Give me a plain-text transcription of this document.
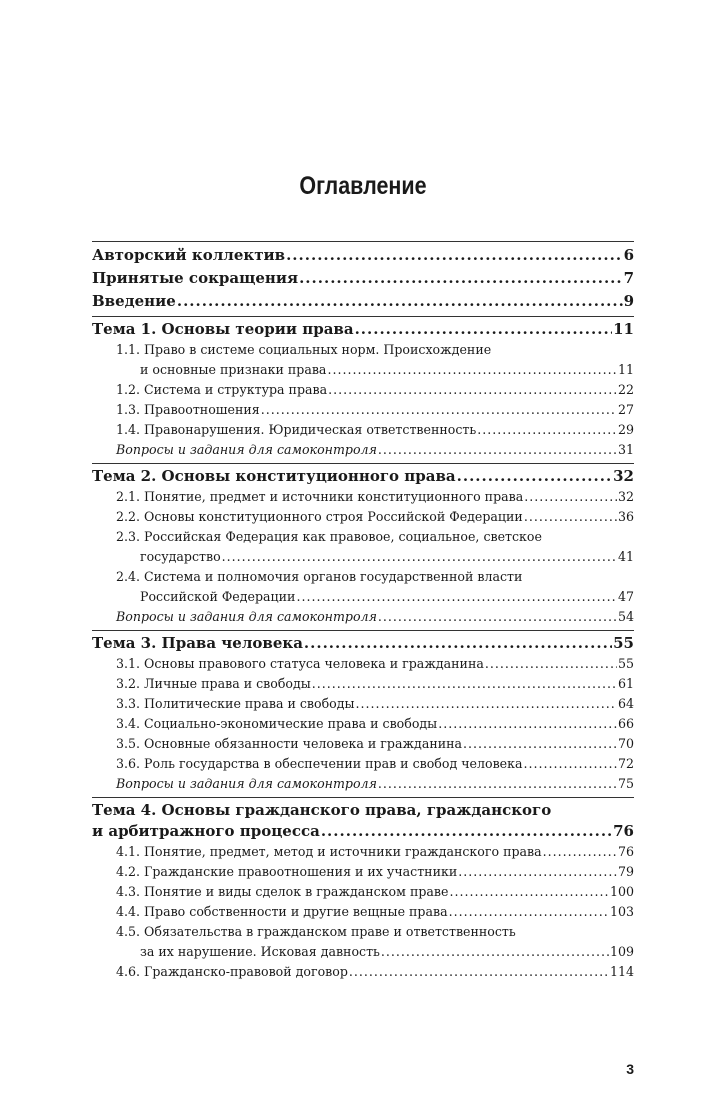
Оглавление
Авторский коллектив .....	6
Принятые сокращения .....	7
Введение .....	9
Тема 1. Основы теории права .....	11
1.1. Право в системе социальных норм. Происхождение
и основные признаки права .....	11
1.2. Система и структура права .....	22
1.3. Правоотношения .....	27
1.4. Правонарушения. Юридическая ответственность .....	29
Вопросы и задания для самоконтроля .....	31
Тема 2. Основы конституционного права .....	32
2.1. Понятие, предмет и источники конституционного права .....	32
2.2. Основы конституционного строя Российской Федерации .....	36
2.3. Российская Федерация как правовое, социальное, светское
государство .....	41
2.4. Система и полномочия органов государственной власти
Российской Федерации .....	47
Вопросы и задания для самоконтроля .....	54
Тема 3. Права человека .....	55
3.1. Основы правового статуса человека и гражданина .....	55
3.2. Личные права и свободы .....	61
3.3. Политические права и свободы .....	64
3.4. Социально-экономические права и свободы .....	66
3.5. Основные обязанности человека и гражданина .....	70
3.6. Роль государства в обеспечении прав и свобод человека .....	72
Вопросы и задания для самоконтроля .....	75
Тема 4. Основы гражданского права, гражданского
и арбитражного процесса .....	76
4.1. Понятие, предмет, метод и источники гражданского права .....	76
4.2. Гражданские правоотношения и их участники .....	79
4.3. Понятие и виды сделок в гражданском праве .....	100
4.4. Право собственности и другие вещные права .....	103
4.5. Обязательства в гражданском праве и ответственность
за их нарушение. Исковая давность .....	109
4.6. Гражданско-правовой договор .....	114
3
